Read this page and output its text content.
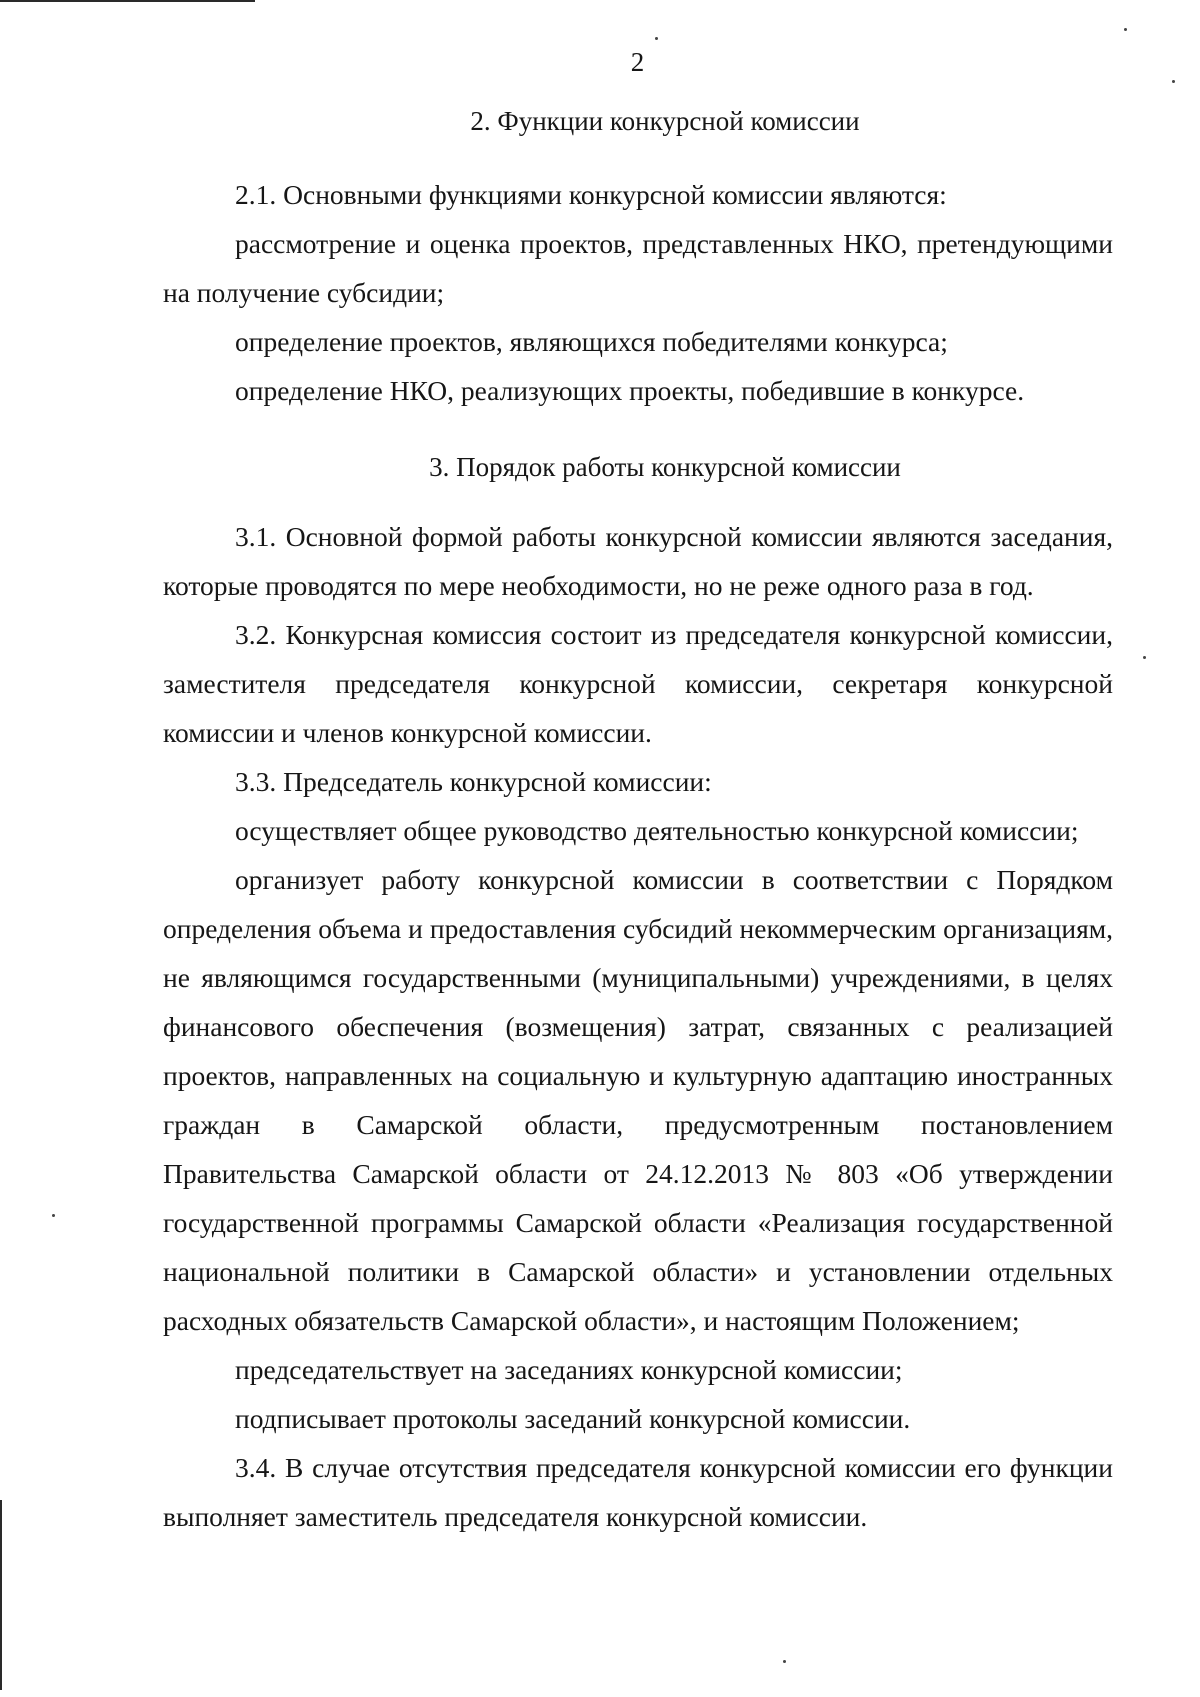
2
2. Функции конкурсной комиссии

2.1. Основными функциями конкурсной комиссии являются:

рассмотрение и оценка проектов, представленных НКО, претендующими на получение субсидии;

определение проектов, являющихся победителями конкурса;

определение НКО, реализующих проекты, победившие в конкурсе.

3. Порядок работы конкурсной комиссии

3.1. Основной формой работы конкурсной комиссии являются заседания, которые проводятся по мере необходимости, но не реже одного раза в год.

3.2. Конкурсная комиссия состоит из председателя конкурсной комиссии, заместителя председателя конкурсной комиссии, секретаря конкурсной комиссии и членов конкурсной комиссии.

3.3. Председатель конкурсной комиссии:

осуществляет общее руководство деятельностью конкурсной комиссии;

организует работу конкурсной комиссии в соответствии с Порядком определения объема и предоставления субсидий некоммерческим организациям, не являющимся государственными (муниципальными) учреждениями, в целях финансового обеспечения (возмещения) затрат, связанных с реализацией проектов, направленных на социальную и культурную адаптацию иностранных граждан в Самарской области, предусмотренным постановлением Правительства Самарской области от 24.12.2013 № 803 «Об утверждении государственной программы Самарской области «Реализация государственной национальной политики в Самарской области» и установлении отдельных расходных обязательств Самарской области», и настоящим Положением;

председательствует на заседаниях конкурсной комиссии;

подписывает протоколы заседаний конкурсной комиссии.

3.4. В случае отсутствия председателя конкурсной комиссии его функции выполняет заместитель председателя конкурсной комиссии.
